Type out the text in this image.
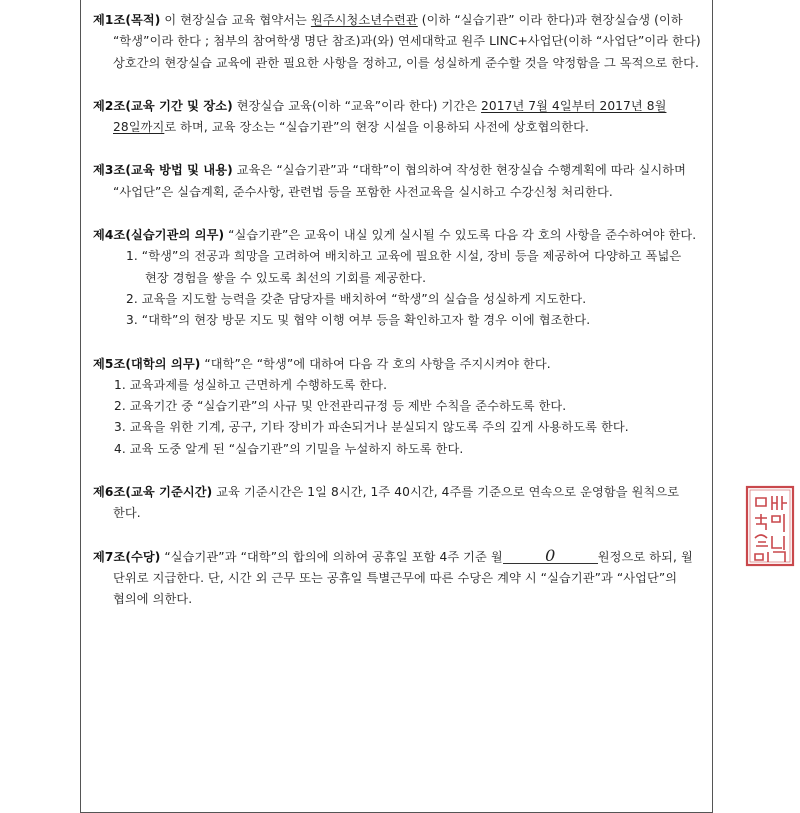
제1조(목적) 이 현장실습 교육 협약서는 원주시청소년수련관 (이하 “실습기관” 이라 한다)과 현장실습생 (이하 “학생”이라 한다 ; 첨부의 참여학생 명단 참조)과(와) 연세대학교 원주 LINC+사업단(이하 “사업단”이라 한다) 상호간의 현장실습 교육에 관한 필요한 사항을 정하고, 이를 성실하게 준수할 것을 약정함을 그 목적으로 한다.
제2조(교육 기간 및 장소) 현장실습 교육(이하 “교육”이라 한다) 기간은 2017년 7월 4일부터 2017년 8월 28일까지로 하며, 교육 장소는 “실습기관”의 현장 시설을 이용하되 사전에 상호협의한다.
제3조(교육 방법 및 내용) 교육은 “실습기관”과 “대학”이 협의하여 작성한 현장실습 수행계획에 따라 실시하며 “사업단”은 실습계획, 준수사항, 관련법 등을 포함한 사전교육을 실시하고 수강신청 처리한다.
제4조(실습기관의 의무) “실습기관”은 교육이 내실 있게 실시될 수 있도록 다음 각 호의 사항을 준수하여야 한다.
1. “학생”의 전공과 희망을 고려하여 배치하고 교육에 필요한 시설, 장비 등을 제공하여 다양하고 폭넓은 현장 경험을 쌓을 수 있도록 최선의 기회를 제공한다.
2. 교육을 지도할 능력을 갖춘 담당자를 배치하여 “학생”의 실습을 성실하게 지도한다.
3. “대학”의 현장 방문 지도 및 협약 이행 여부 등을 확인하고자 할 경우 이에 협조한다.
제5조(대학의 의무) “대학”은 “학생”에 대하여 다음 각 호의 사항을 주지시켜야 한다.
1. 교육과제를 성실하고 근면하게 수행하도록 한다.
2. 교육기간 중 “실습기관”의 사규 및 안전관리규정 등 제반 수칙을 준수하도록 한다.
3. 교육을 위한 기계, 공구, 기타 장비가 파손되거나 분실되지 않도록 주의 깊게 사용하도록 한다.
4. 교육 도중 알게 된 “실습기관”의 기밀을 누설하지 하도록 한다.
제6조(교육 기준시간) 교육 기준시간은 1일 8시간, 1주 40시간, 4주를 기준으로 연속으로 운영함을 원칙으로 한다.
제7조(수당) “실습기관”과 “대학”의 합의에 의하여 공휴일 포함 4주 기준 월	0	원정으로 하되, 월 단위로 지급한다. 단, 시간 외 근무 또는 공휴일 특별근무에 따른 수당은 계약 시 “실습기관”과 “사업단”의 협의에 의한다.
